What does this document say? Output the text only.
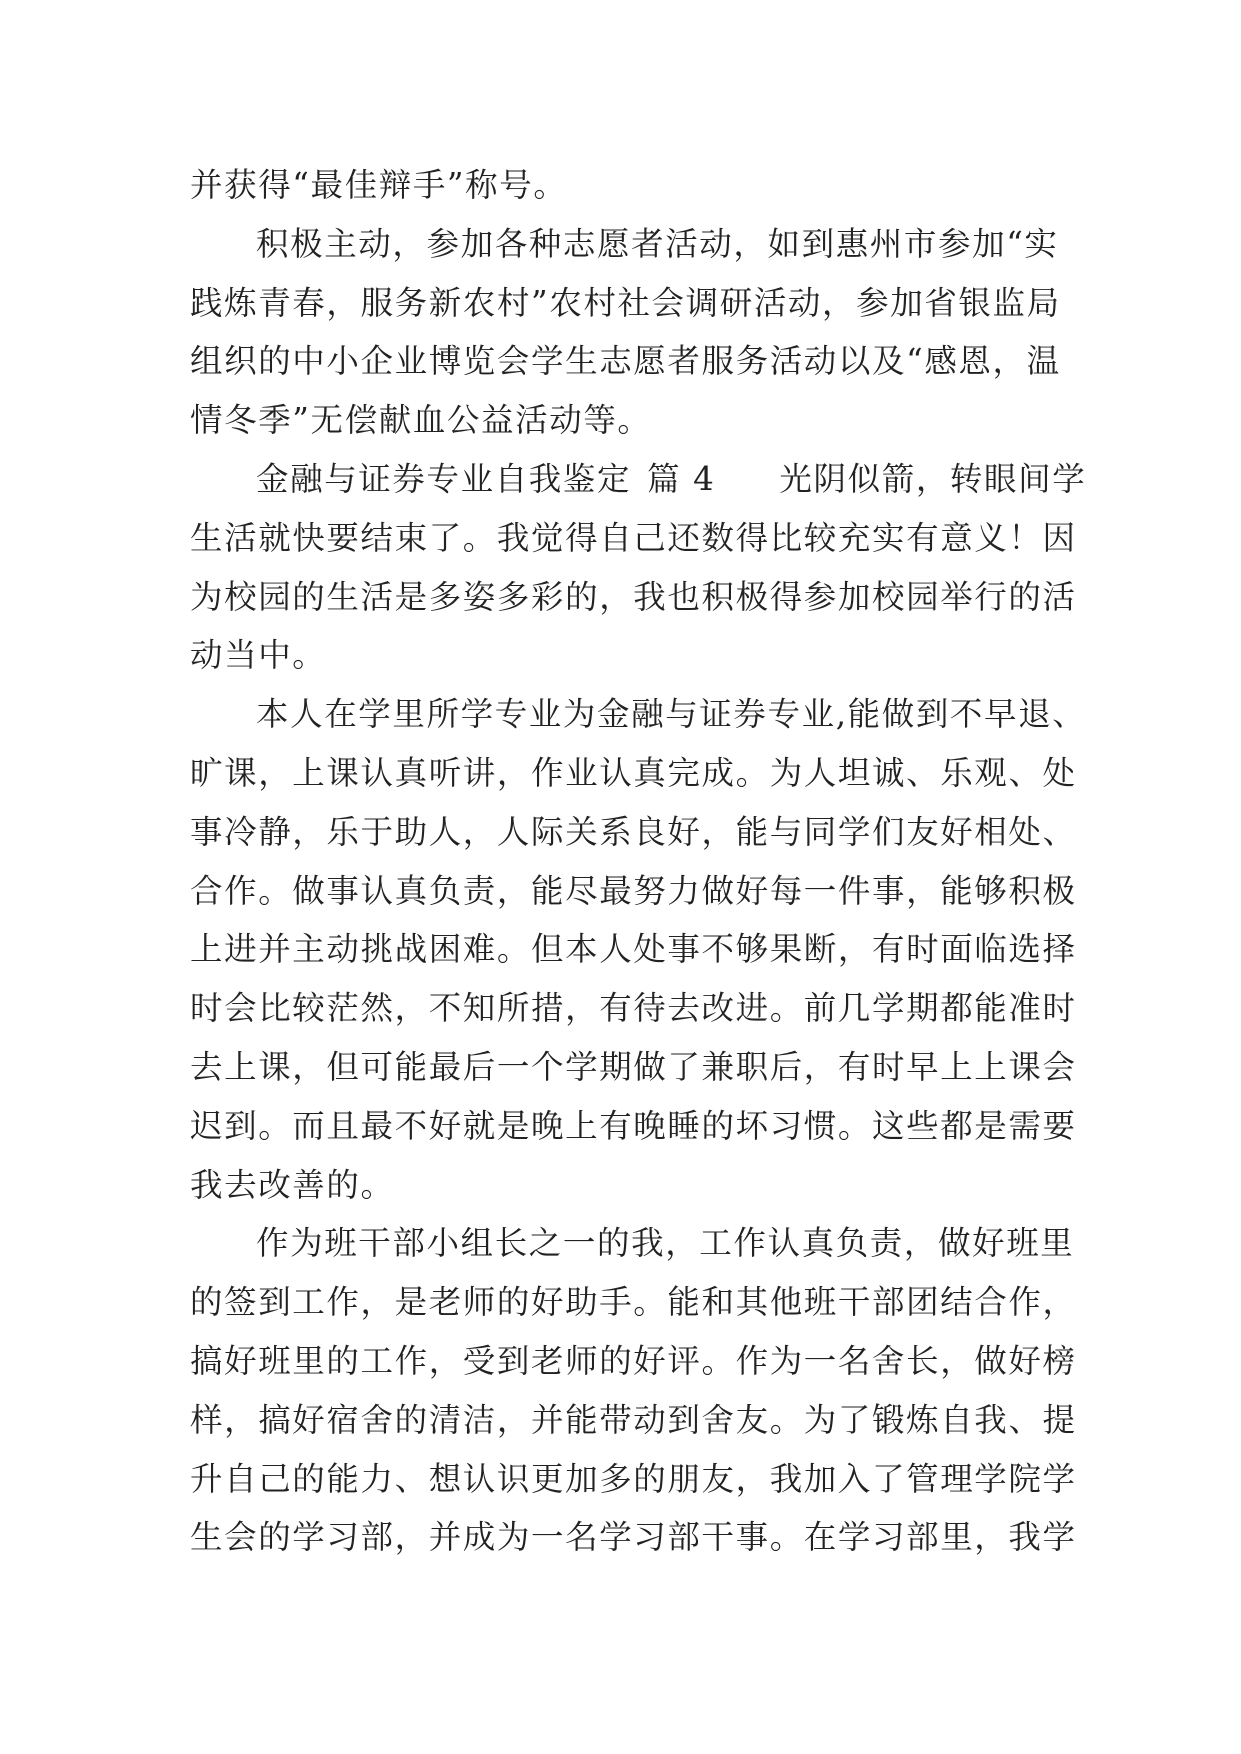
并获得“最佳辩手”称号。
积极主动，参加各种志愿者活动，如到惠州市参加“实
践炼青春，服务新农村”农村社会调研活动，参加省银监局
组织的中小企业博览会学生志愿者服务活动以及“感恩，温
情冬季”无偿献血公益活动等。
金融与证券专业自我鉴定 篇 4 光阴似箭，转眼间学
生活就快要结束了。我觉得自己还数得比较充实有意义！因
为校园的生活是多姿多彩的，我也积极得参加校园举行的活
动当中。
本人在学里所学专业为金融与证券专业,能做到不早退、
旷课，上课认真听讲，作业认真完成。为人坦诚、乐观、处
事冷静，乐于助人，人际关系良好，能与同学们友好相处、
合作。做事认真负责，能尽最努力做好每一件事，能够积极
上进并主动挑战困难。但本人处事不够果断，有时面临选择
时会比较茫然，不知所措，有待去改进。前几学期都能准时
去上课，但可能最后一个学期做了兼职后，有时早上上课会
迟到。而且最不好就是晚上有晚睡的坏习惯。这些都是需要
我去改善的。
作为班干部小组长之一的我，工作认真负责，做好班里
的签到工作，是老师的好助手。能和其他班干部团结合作，
搞好班里的工作，受到老师的好评。作为一名舍长，做好榜
样，搞好宿舍的清洁，并能带动到舍友。为了锻炼自我、提
升自己的能力、想认识更加多的朋友，我加入了管理学院学
生会的学习部，并成为一名学习部干事。在学习部里，我学
